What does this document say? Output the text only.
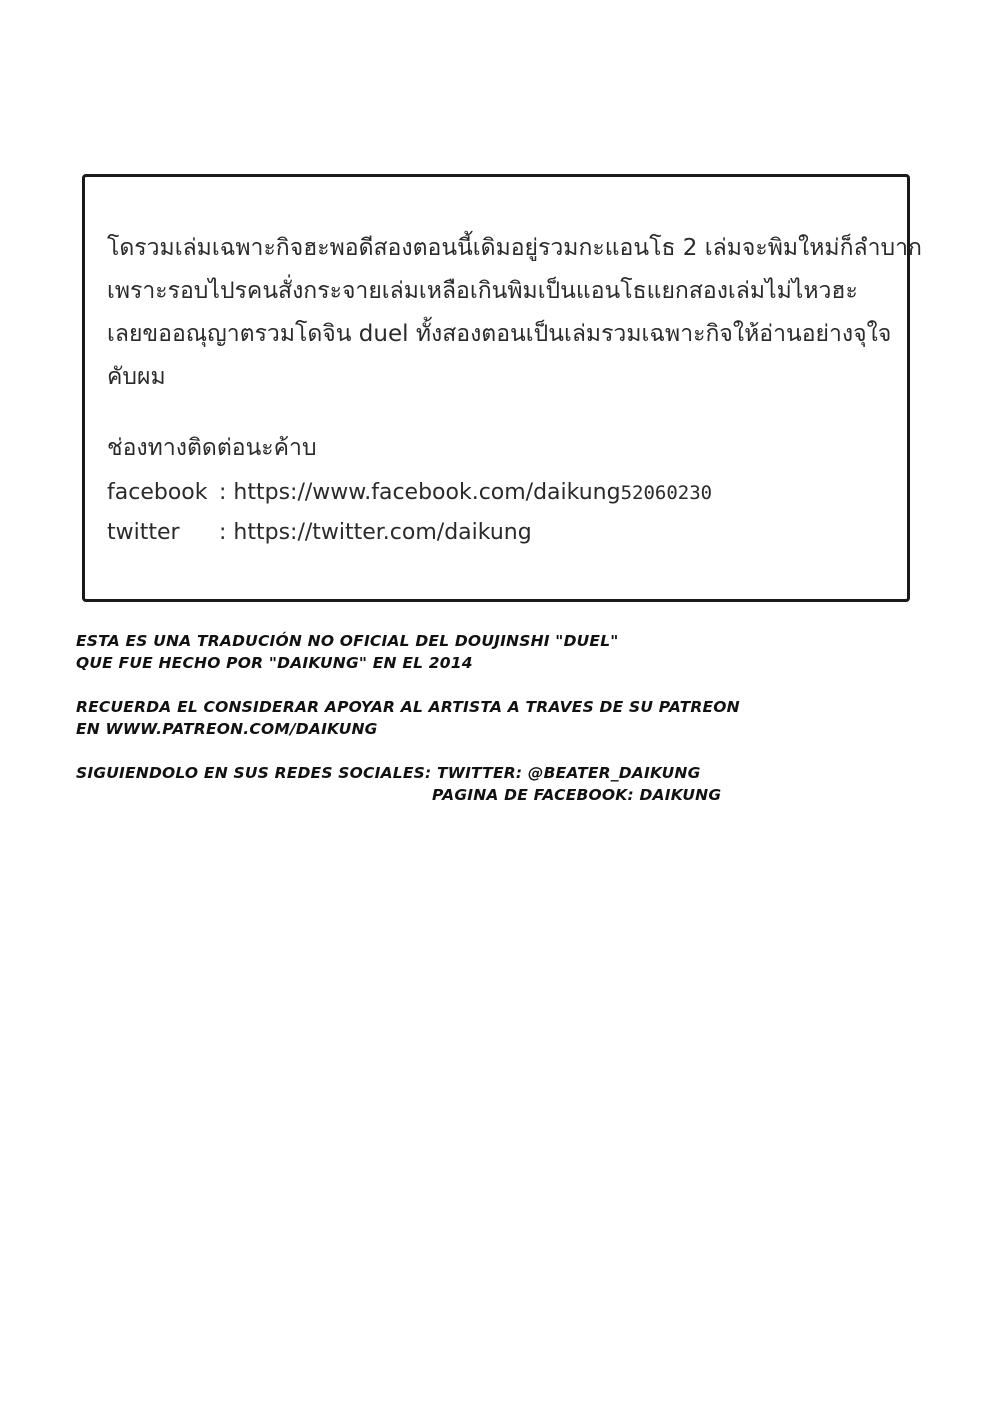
โดรวมเล่มเฉพาะกิจฮะพอดีสองตอนนี้เดิมอยู่รวมกะแอนโธ 2 เล่มจะพิมใหม่ก็ลำบาก
เพราะรอบไปรคนสั่งกระจายเล่มเหลือเกินพิมเป็นแอนโธแยกสองเล่มไม่ไหวฮะ
เลยขออณุญาตรวมโดจิน duel ทั้งสองตอนเป็นเล่มรวมเฉพาะกิจให้อ่านอย่างจุใจ
คับผม

ช่องทางติดต่อนะค้าบ

facebook : https://www.facebook.com/daikung52060230
twitter : https://twitter.com/daikung
ESTA ES UNA TRADUCIÓN NO OFICIAL DEL DOUJINSHI "DUEL"
QUE FUE HECHO POR "DAIKUNG" EN EL 2014
RECUERDA EL CONSIDERAR APOYAR AL ARTISTA A TRAVES DE SU PATREON
EN WWW.PATREON.COM/DAIKUNG
SIGUIENDOLO EN SUS REDES SOCIALES: TWITTER: @BEATER_DAIKUNG
PAGINA DE FACEBOOK: DAIKUNG
